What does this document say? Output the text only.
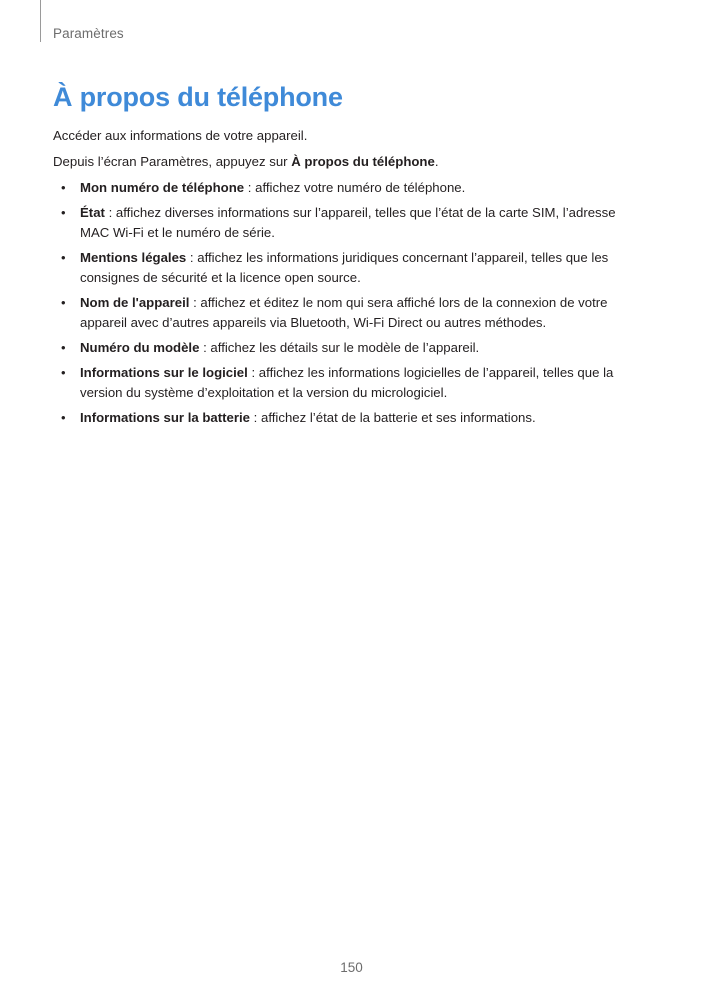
Paramètres
À propos du téléphone

Accéder aux informations de votre appareil.

Depuis l’écran Paramètres, appuyez sur À propos du téléphone.

• Mon numéro de téléphone : affichez votre numéro de téléphone.
• État : affichez diverses informations sur l’appareil, telles que l’état de la carte SIM, l’adresse MAC Wi-Fi et le numéro de série.
• Mentions légales : affichez les informations juridiques concernant l’appareil, telles que les consignes de sécurité et la licence open source.
• Nom de l'appareil : affichez et éditez le nom qui sera affiché lors de la connexion de votre appareil avec d’autres appareils via Bluetooth, Wi-Fi Direct ou autres méthodes.
• Numéro du modèle : affichez les détails sur le modèle de l’appareil.
• Informations sur le logiciel : affichez les informations logicielles de l’appareil, telles que la version du système d’exploitation et la version du micrologiciel.
• Informations sur la batterie : affichez l’état de la batterie et ses informations.
150
